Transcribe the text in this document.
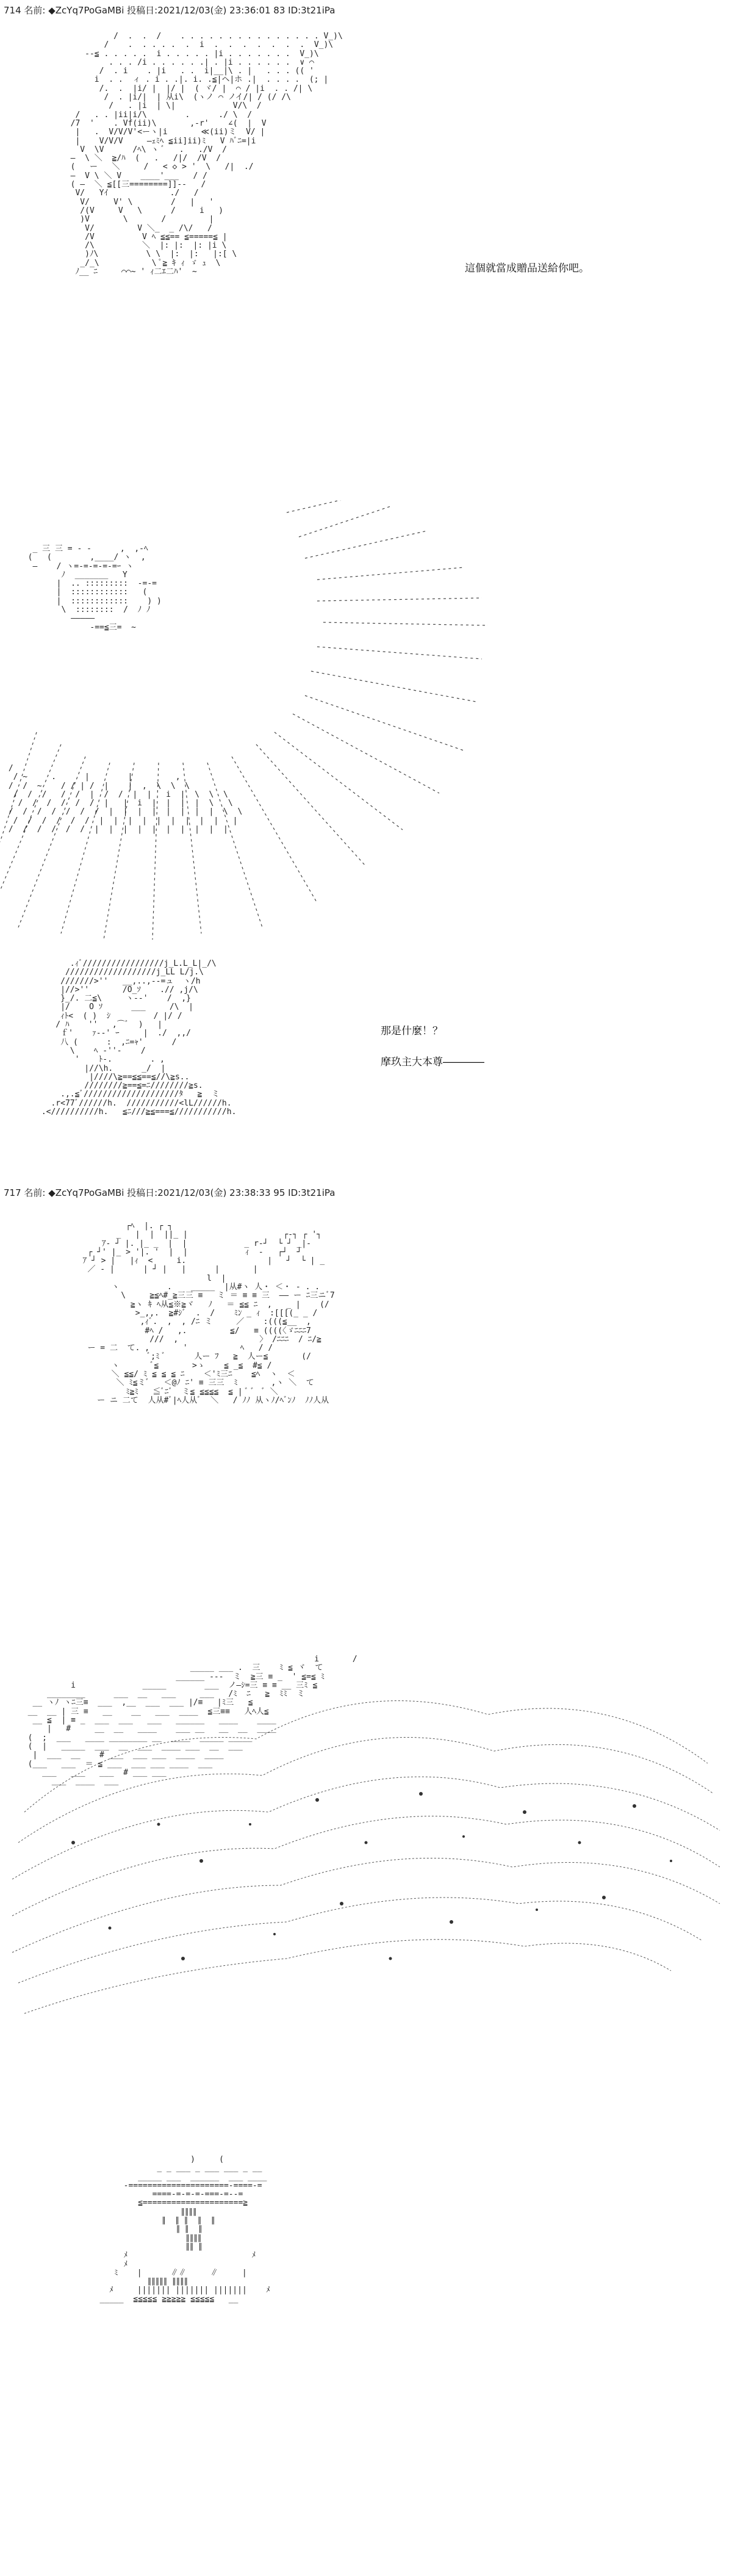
714 名前: ◆ZcYq7PoGaMBi 投稿日:2021/12/03(金) 23:36:01 83 ID:3t21iPa
/  .  .  /    . . . . . . . . . . . . . . . V_)\
/    .  . . . .  .  i  .  .  .  .  .  .  .  V_)\
--≦ . . . . .  i . . . . . |i . . . . . . .  V_)\
. . . /i . . . . . .| . |i . . . . . .  ∨ ⌒
/  . i    . |i   . .  i|__|\ . |   . . . (( '
i  . .  ィ . i . .|. i. .≦|ヘ|ホ .|  . . . .  (; |
/.  .  |i/ |  |/ |  ( ヾ/ |  ⌒ / |i  . . /| \
/  . |i/|  | 从i\  (ヽノ ⌒ ノイ/| / (/ /\
/   . |i  | \|            V/\  /
/   . . |ii|i/\        .      ./ \  /
/7  '    . Vf(ii)\       ,-r'    ∠(  |  V
|   .  V/V/V'<ーヽ|i       ≪(ii)ミ  V/ |
|    V/V/V     ―ｪﾐﾍ ≦ii]ii)ﾐ   V ﾊﾞﾆ=|i
V  \V      /ﾍ\ ヽ ﾞ   .   ./V  /
―  \ ＼  ≧/ﾊ  (   .   /|/  /V  /
(   ー   ＼     /   < ◇ > '  \   /|  ./
―  V \ ＼ V    ____'___   / /
( ―  ＼ ≦[[三========]]--   /
V/   Yｲ             ./   /
V/     V' \        /   |   '
/(V     V   \      /     i   )
)V       \       /         |
V/         V ＼_  _ /\/   /
/V          V ﾍ ≦≦== ≦=====≦ |
/\          ＼  |: |:  |: |i \
)ﾉ\          \ \  |:  |:   |:[ \
_/_\           \ ﾟ≧ ｷ ｨ ゞ ｭ  \
ﾉ__ ﾆ     ⌒⌒~ ' ｨ二ｴ二ﾊ'  ~	這個就當成贈品送給你吧。
_ 三 三 = - -      ,  ,-ﾍ
(   (        ,____/ ヽ  ,
―    / ヽ=-=-=-=-=ｰ ヽ
ﾉ  _______   Y
|  .. :::::::::  -=-=
|  ::::::::::::   (
|  ::::::::::::    ) )
\  ::::::::  /  ﾉ ﾉ
―――――
-==≦三=  ~

/
/ ~     .      |        |         ,
/  /  ~    / / | /  |    |  ,  \  \  \
/  /  /   /  /  |  /  /  |  |   i  |  \  \  \
/  /  /  /  /  /  |   |  i  |  |  |  |  \   \
/  /  /  /  /  /  /  |  |  |  |  |  |  |  |  \  \
/  /  /  /  /  /  |  |  |  |  |  |  |  |  |   |
/  /  /  /  /  /  |  |  |  |  |  |  |  |  |  |

.ｨﾞ/////////////////j_L.L_L|_/\
///////////////////j_LL L/j.\
///////>''   __,..,--=ュ  ヽ/h
|//>''       /O_ｿ    .// ,j/\
}_/. 二≦\     ヽ--'    /  ,}
|/    O ｿ      ___     /\  |
ｨﾄ<  ( )  ｼ         / |/ /
/ ﾊ    ''   ,⌒ﾞ  )   |
ｆ'    ｧ--' ｰ     |  ./  ,,/
八 (      :  ,ﾆ=ｬ'      /
\    ﾍ ‐''‐    /
'    ﾄ-.        . ,
|//\h.      _/  |
|////\≧==≦≦==≦//\≧s..
////////≧==≦=ﾆ////////≧s.
.,.≦ﾞ////////////////////ﾀ   ≧  ミ
.r<77ﾞ//////h.  ///////////<lL//////h.
.<//////////h.   ≦ﾆ///≧≦===≦///////////h.

那是什麼！？
摩玖主大本尊――――
717 名前: ◆ZcYq7PoGaMBi 投稿日:2021/12/03(金) 23:38:33 95 ID:3t21iPa
┌ﾍ  |. ┌ ┐
_   |  |  ||_ |                    ┌‐┐ ┌ '┐
ｱ‐ ┘ |. |_ _  |  |            _ r‐┘  └ ┘ _|-
┌ ┘' |_ > '|. '  |  |            ｨ  ‐   ┌┘  ┘
ｱ ┘ > |   |ｨ  <     i.                 |   ┘  └ | _
／ ‐ |      | ┘ |   |      |       |
l  |
ヽ          .    _____  |从#ヽ 人・ ＜・ - . .
\     ≧≦ﾍ#_≧三三 ≡   ミ ＝ ≡ ≡ 三  ―― ー ﾆ三ニﾞ7
≧ヽ ｷ ﾍ从≦※≧ヾ   ﾉ   ＝ ≦≦ ﾆ  ,   _ |    (/
>_,,.  ≧#ｼﾞ  .  /    ﾐﾝ _ ｨ  :[[[(_ _ /
,ｨﾞ.  ,  , /ﾆ ミ     ／    :(((≦__  ,
#ﾍ /   ,.         ≦/   ≡ ((((〈ゞﾆﾆﾆ7
///  ,                 〉 /ﾆﾆﾆ  / ﾆ/≧
ー = 二  て. ,       '           ﾍ   / /
ﾞ;ﾐ ﾞ      人ー ﾌ   ≧  人ー≦       (/
ヽ       ﾞ≦       >ゝ    ≦ _≦  #≦ /
＼ ≦≦/ ﾐ ≦ ≦ ≦ ﾆ    ＜'ﾐ三ﾆ    ≦ﾍ  ヽ  ＜
＼ ﾐ≦ミﾞ   ＜@ﾉ ﾆ' ≡ 三三  ﾐ       ,ヽ ＼  て
ﾐ≧ﾐ   ≦ﾞﾆﾞ  ミ≦ ≦≦≦≦  ≦ | ﾞ ﾞ  ﾞ ＼
ー ニ 二て  人从#ﾞ|ﾍ人从ﾞ  ＼   / ﾉﾉ 从ヽﾉ/ﾍﾞﾝﾉ  ﾉﾉ人从

i       /
_____ ___ .  三    ﾐ ≦ ヾ  て
______ ---  ミ  ≧三 ≡ _  ' ≦=≦ ﾐ
i              _____        ___  ノ―ｼ=三 ≡ ≡ __ 三ﾐ ≦
________      ___  __   ___     ___   /ﾐ  ﾆ   ≧  ﾐﾐ  ミ
__ ヽﾉ ヽﾆ三≡  ___  ,__  ___  ___ |/≡   |ﾐ三   ≦
__  __ | 三 ≡   __    __   ___  ____  ≦三≡≡   人ﾍ人≦
__ ≦  | ≡ _  ___  ___   ___   ______   ____    ____
|   #     __  __   ____    ___ __   __  __  ____
(  ;  ___   ____ ________ __  ____  _____ _____
(  |   _____  ___  __  ___  ____ ___  __  ___
|  ___  __    # ___  ___ ___  ____  ____
(___   ___  ＝ ≦ ___  ___ ___ ____  ___
___   ___   ___  # ___ ___
___  ____  ___

)     (
_ _ ___ _ ___ ___ _ __
_____ ___  ______  ___ ____
-=====================-====-=
====-=-=-=-===-=--=
≦=====================≧
∥∥∥∥
∥  ∥ ∥  ∥  ∥
∥ ∥  ∥
∥∥∥∥
∥∥ ∥
ﾒ                          ﾒ
ﾒ
ﾐ    |      ∥∥     ∥     |
∥∥∥∥∥ ∥∥∥∥
ﾒ     ||||||| ||||||| |||||||    ﾒ
_____  ≦≦≦≦≦ ≧≧≧≧≧ ≦≦≦≦≦   __
